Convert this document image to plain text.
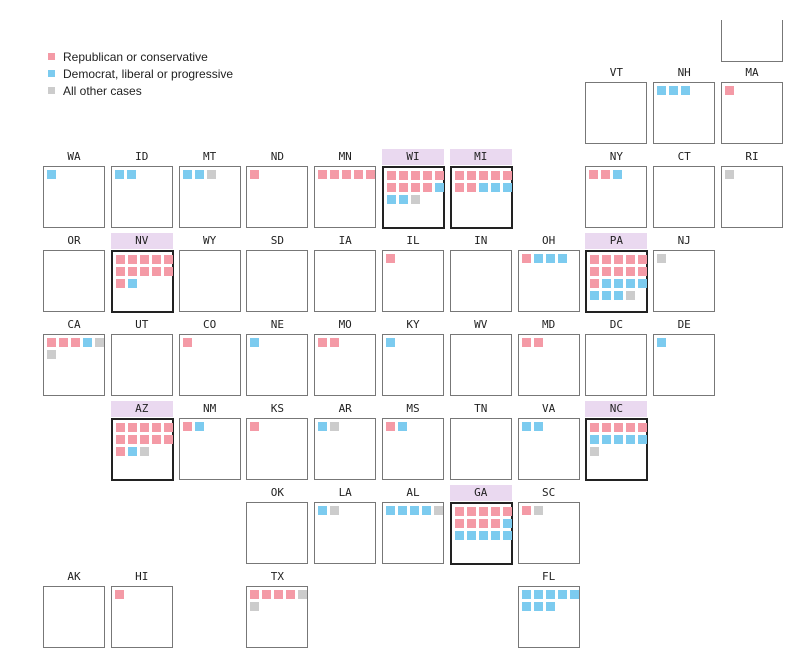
Republican or conservative
Democrat, liberal or progressive
All other cases
VT	NH	MA
WA	ID	MT	ND	MN	WI	MI	NY	CT	RI
OR	NV	WY	SD	IA	IL	IN	OH	PA	NJ
CA	UT	CO	NE	MO	KY	WV	MD	DC	DE
AZ	NM	KS	AR	MS	TN	VA	NC
OK	LA	AL	GA	SC
AK	HI	TX	FL
